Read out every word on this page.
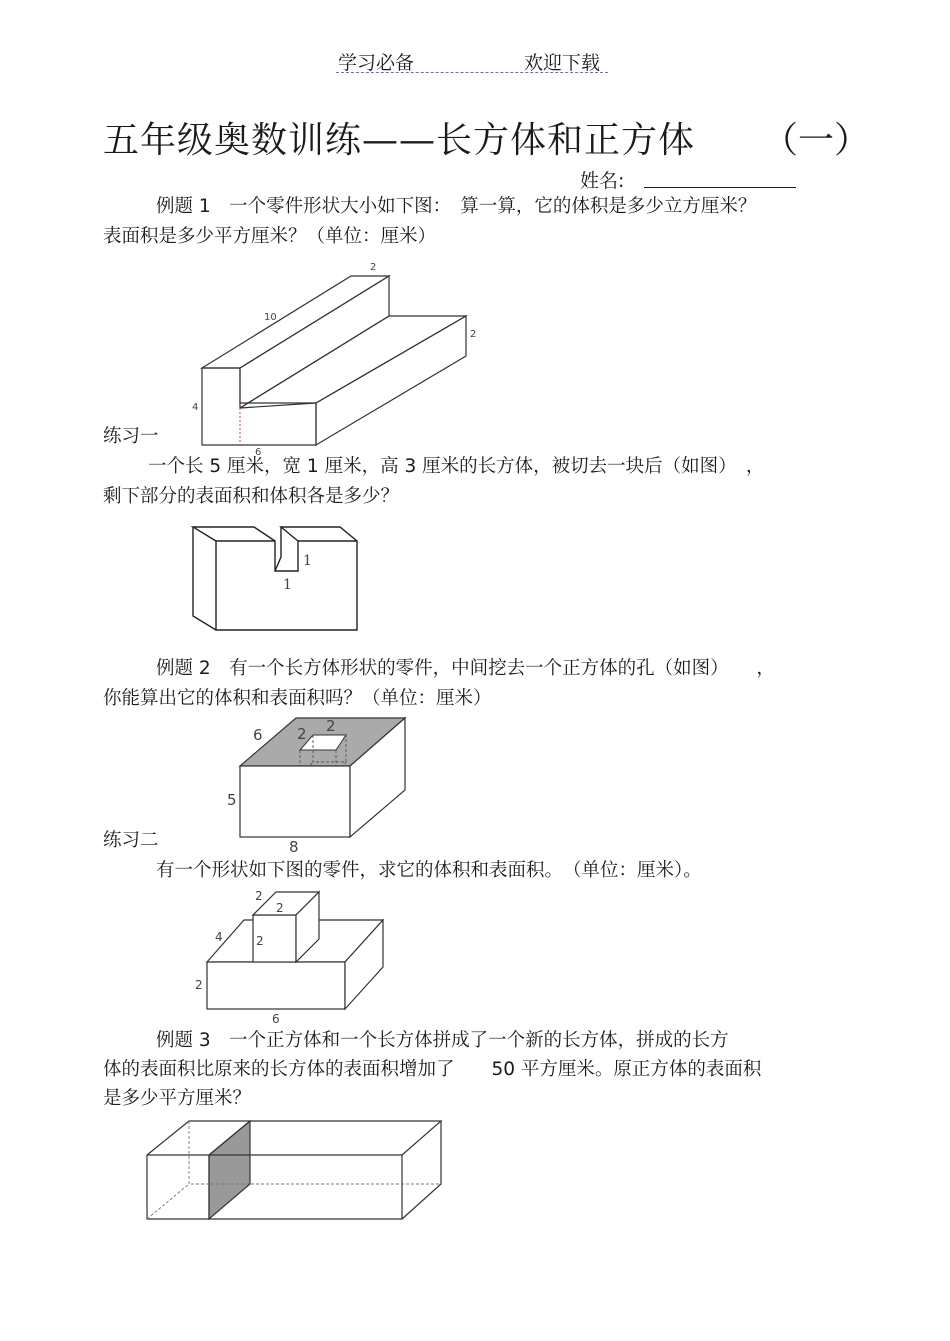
学习必备	欢迎下载
五年级奥数训练——长方体和正方体 （一）
姓名:
例题 1　一个零件形状大小如下图：　算一算，它的体积是多少立方厘米？
表面积是多少平方厘米？（单位：厘米）
2
10
2
4
6
练习一
一个长 5 厘米，宽 1 厘米，高 3 厘米的长方体，被切去一块后（如图）　，
剩下部分的表面积和体积各是多少？
1
1
例题 2　有一个长方体形状的零件，中间挖去一个正方体的孔（如图）　　，
你能算出它的体积和表面积吗？（单位：厘米）
6 2 2
5
8
练习二
有一个形状如下图的零件，求它的体积和表面积。　（单位：厘米）。
2
2
2
4
2
6
例题 3　一个正方体和一个长方体拼成了一个新的长方体，拼成的长方
体的表面积比原来的长方体的表面积增加了　　50 平方厘米。原正方体的表面积
是多少平方厘米？
